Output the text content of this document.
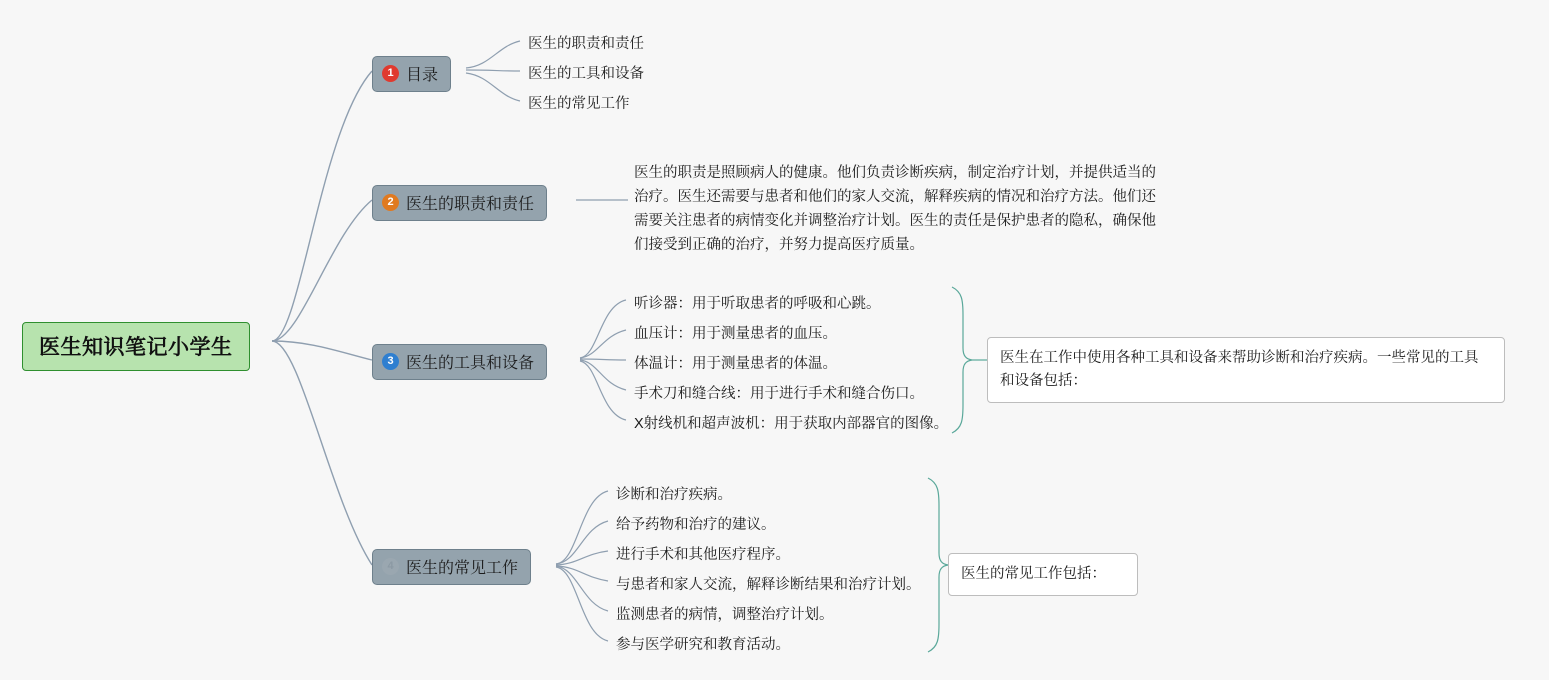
医生知识笔记小学生
1 目录
2 医生的职责和责任
3 医生的工具和设备
4 医生的常见工作
医生的职责和责任
医生的工具和设备
医生的常见工作
医生的职责是照顾病人的健康。他们负责诊断疾病，制定治疗计划，并提供适当的治疗。医生还需要与患者和他们的家人交流，解释疾病的情况和治疗方法。他们还需要关注患者的病情变化并调整治疗计划。医生的责任是保护患者的隐私，确保他们接受到正确的治疗，并努力提高医疗质量。
听诊器：用于听取患者的呼吸和心跳。
血压计：用于测量患者的血压。
体温计：用于测量患者的体温。
手术刀和缝合线：用于进行手术和缝合伤口。
X射线机和超声波机：用于获取内部器官的图像。
医生在工作中使用各种工具和设备来帮助诊断和治疗疾病。一些常见的工具和设备包括：
诊断和治疗疾病。
给予药物和治疗的建议。
进行手术和其他医疗程序。
与患者和家人交流，解释诊断结果和治疗计划。
监测患者的病情，调整治疗计划。
参与医学研究和教育活动。
医生的常见工作包括：
